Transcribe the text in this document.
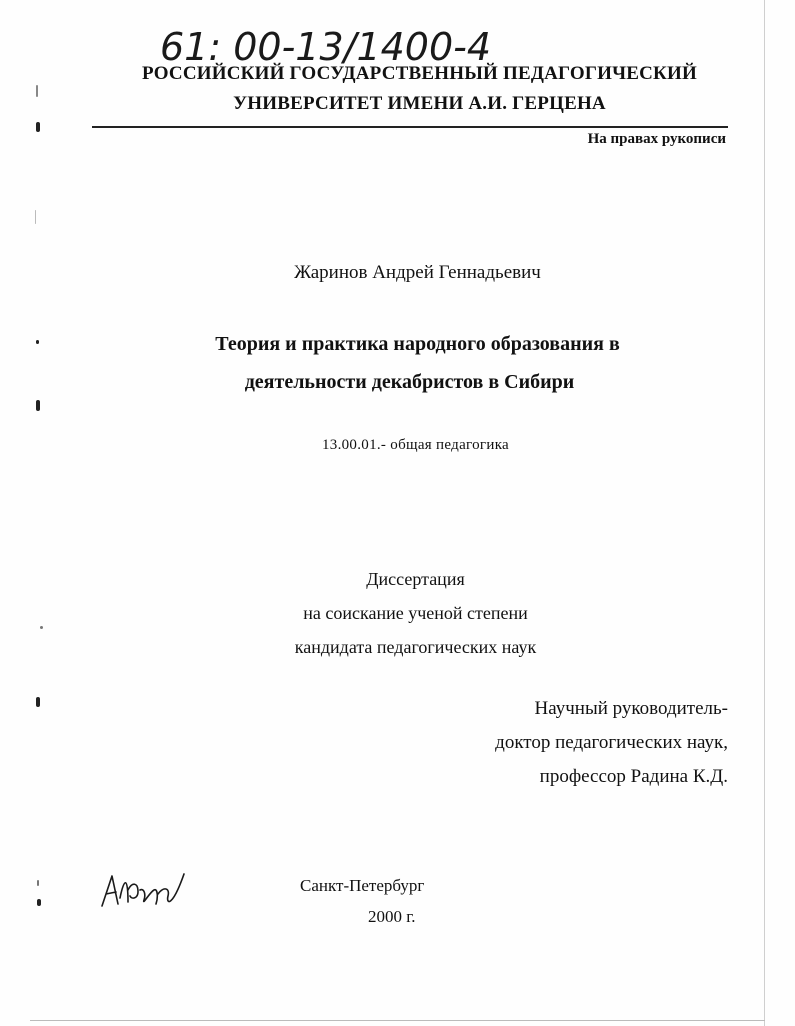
61: 00-13/1400-4
РОССИЙСКИЙ ГОСУДАРСТВЕННЫЙ ПЕДАГОГИЧЕСКИЙ
УНИВЕРСИТЕТ ИМЕНИ А.И. ГЕРЦЕНА
На правах рукописи
Жаринов Андрей Геннадьевич
Теория и практика народного образования в
деятельности декабристов в Сибири
13.00.01.- общая педагогика
Диссертация
на соискание ученой степени
кандидата педагогических наук
Научный руководитель-
доктор педагогических наук,
профессор Радина К.Д.
Санкт-Петербург
2000 г.
